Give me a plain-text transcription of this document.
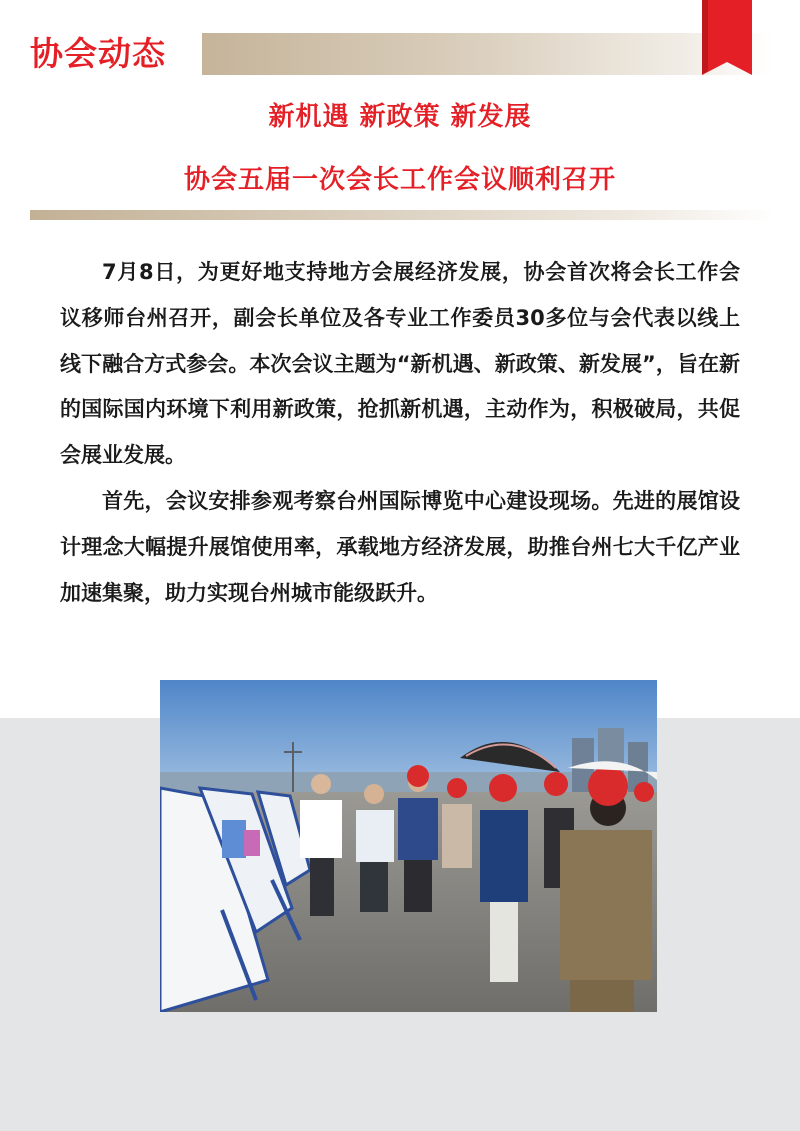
协会动态
新机遇 新政策 新发展
协会五届一次会长工作会议顺利召开

7月8日，为更好地支持地方会展经济发展，协会首次将会长工作会议移师台州召开，副会长单位及各专业工作委员30多位与会代表以线上线下融合方式参会。本次会议主题为“新机遇、新政策、新发展”，旨在新的国际国内环境下利用新政策，抢抓新机遇，主动作为，积极破局，共促会展业发展。

首先，会议安排参观考察台州国际博览中心建设现场。先进的展馆设计理念大幅提升展馆使用率，承载地方经济发展，助推台州七大千亿产业加速集聚，助力实现台州城市能级跃升。
